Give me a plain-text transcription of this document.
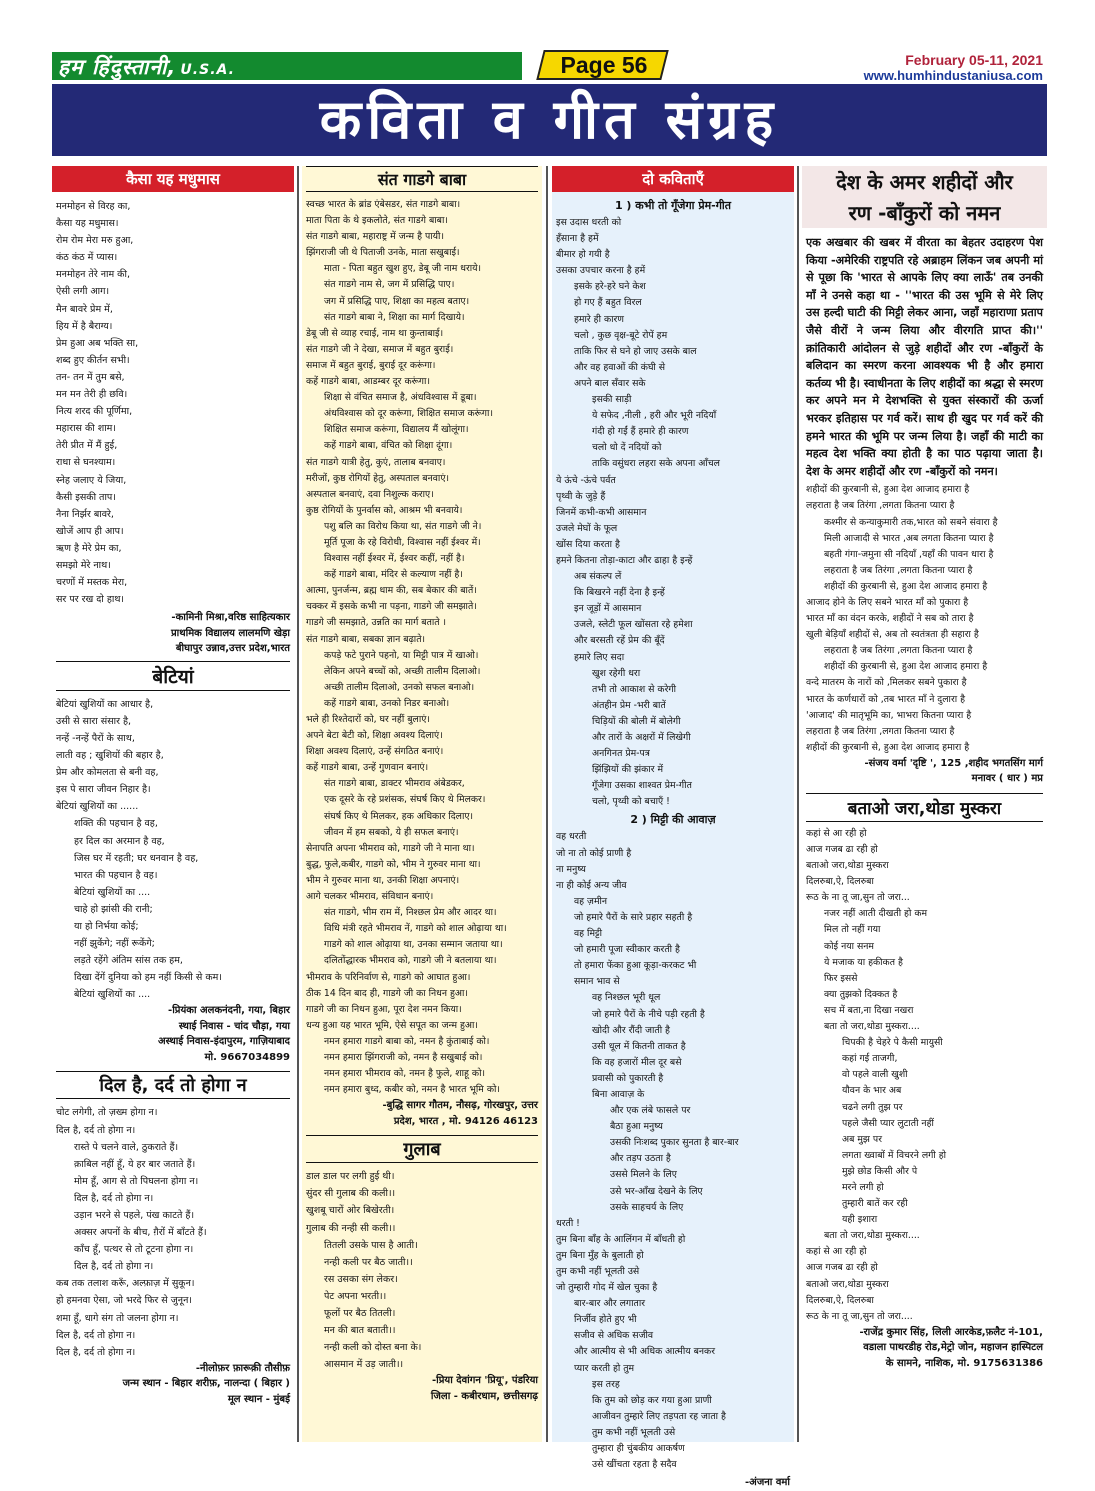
हम हिंदुस्तानी, U.S.A.	Page 56	February 05-11, 2021
www.humhindustaniusa.com
कविता व गीत संग्रह
कैसा यह मधुमास
मनमोहन से विरह का,
कैसा यह मधुमास।
रोम रोम मेरा मरु हुआ,
कंठ कंठ में प्यास।
मनमोहन तेरे नाम की,
ऐसी लगी आग।
मैन बावरे प्रेम में,
हिय में है बैराग्य।
प्रेम हुआ अब भक्ति सा,
शब्द हुए कीर्तन सभी।
तन- तन में तुम बसे,
मन मन तेरी ही छवि।
नित्य शरद की पूर्णिमा,
महारास की शाम।
तेरी प्रीत में मैं हुई,
राधा से घनश्याम।
स्नेह जलाए ये जिया,
कैसी इसकी ताप।
नैना निर्झर बावरे,
खोजें आप ही आप।
ऋण है मेरे प्रेम का,
समझो मेरे नाथ।
चरणों में मस्तक मेरा,
सर पर रख दो हाथ।
-कामिनी मिश्रा,वरिष्ठ साहित्यकार
प्राथमिक विद्यालय लालमणि खेड़ा
बीघापुर उन्नाव,उत्तर प्रदेश,भारत
बेटियां
बेटियां खुशियों का आधार है,
उसी से सारा संसार है,
नन्हें -नन्हें पैरों के साथ,
लाती वह ; खुशियों की बहार है,
प्रेम और कोमलता से बनी वह,
इस पे सारा जीवन निहार है।
बेटियां खुशियों का ......
शक्ति की पहचान है वह,
हर दिल का अरमान है वह,
जिस घर में रहती; घर धनवान है वह,
भारत की पहचान है वह।
बेटियां खुशियों का ....
चाहे हो झांसी की रानी;
या हो निर्भया कोई;
नहीं झुकेंगे; नहीं रूकेंगे;
लड़ते रहेंगे अंतिम सांस तक हम,
दिखा देंगें दुनिया को हम नहीं किसी से कम।
बेटियां खुशियों का ....
-प्रियंका अलकनंदनी, गया, बिहार
स्थाई निवास - चांद चौड़ा, गया
अस्थाई निवास-इंदापुरम, गाज़ियाबाद
मो. 9667034899
दिल है, दर्द तो होगा न
चोट लगेगी, तो ज़ख्म होगा न।
दिल है, दर्द तो होगा न।
रास्ते पे चलने वाले, ठुकराते हैं।
क़ाबिल नहीं हूँ, ये हर बार जताते हैं।
मोम हूँ, आग से तो पिघलना होगा न।
दिल है, दर्द तो होगा न।
उड़ान भरने से पहले, पंख काटते हैं।
अक्सर अपनों के बीच, ग़ैरों में बाँटते हैं।
काँच हूँ, पत्थर से तो टूटना होगा न।
दिल है, दर्द तो होगा न।
कब तक तलाश करूँ, अल्फ़ाज़ में सुकून।
हो हमनवा ऐसा, जो भरदे फिर से जुनून।
शमा हूँ, धागे संग तो जलना होगा न।
दिल है, दर्द तो होगा न।
दिल है, दर्द तो होगा न।
-नीलोफ़र फ़ारूक़ी तौसीफ़
जन्म स्थान - बिहार शरीफ़, नालन्दा ( बिहार )
मूल स्थान - मुंबई
संत गाडगे बाबा
स्वच्छ भारत के ब्रांड एंबेसडर, संत गाडगे बाबा।
माता पिता के थे इकलोते, संत गाडगे बाबा।
संत गाडगे बाबा, महाराष्ट्र में जन्म है पायी।
झिंगराजी जी थे पिताजी उनके, माता सखुबाई।
माता - पिता बहुत खुश हुए, डेबू जी नाम धराये।
संत गाडगे नाम से, जग में प्रसिद्धि पाए।
जग में प्रसिद्धि पाए, शिक्षा का महत्व बताए।
संत गाडगे बाबा ने, शिक्षा का मार्ग दिखाये।
डेबू जी से व्याह रचाई, नाम था कुन्ताबाई।
संत गाडगे जी ने देखा, समाज में बहुत बुराई।
समाज में बहुत बुराई, बुराई दूर करूंगा।
कहें गाडगे बाबा, आडम्बर दूर करूंगा।
शिक्षा से वंचित समाज है, अंधविश्वास में डूबा।
अंधविश्वास को दूर करूंगा, शिक्षित समाज करूंगा।
शिक्षित समाज करूंगा, विद्यालय मैं खोलूंगा।
कहें गाडगे बाबा, वंचित को शिक्षा दूंगा।
संत गाडगे यात्री हेतु, कुएं, तालाब बनवाए।
मरीजों, कुष्ठ रोगियों हेतु, अस्पताल बनवाएं।
अस्पताल बनवाएं, दवा निशुल्क कराए।
कुष्ठ रोगियों के पुनर्वास को, आश्रम भी बनवाये।
पशु बलि का विरोध किया था, संत गाडगे जी ने।
मूर्ति पूजा के रहे विरोधी, विश्वास नहीं ईश्वर में।
विश्वास नहीं ईश्वर में, ईश्वर कहीं, नहीं है।
कहें गाडगे बाबा, मंदिर से कल्याण नहीं है।
आत्मा, पुनर्जन्म, ब्रह्म धाम की, सब बेकार की बातें।
चक्कर में इसके कभी ना पड़ना, गाडगे जी समझाते।
गाडगे जी समझाते, उन्नति का मार्ग बताते ।
संत गाडगे बाबा, सबका ज्ञान बढ़ाते।
कपड़े फटे पुराने पहनो, या मिट्टी पात्र में खाओ।
लेकिन अपने बच्चों को, अच्छी तालीम दिलाओ।
अच्छी तालीम दिलाओ, उनको सफल बनाओ।
कहें गाडगे बाबा, उनको निडर बनाओ।
भले ही रिश्तेदारों को, घर नहीं बुलाएं।
अपने बेटा बेटी को, शिक्षा अवश्य दिलाएं।
शिक्षा अवश्य दिलाएं, उन्हें संगठित बनाएं।
कहें गाडगे बाबा, उन्हें गुणवान बनाएं।
संत गाडगे बाबा, डाक्टर भीमराव अंबेडकर,
एक दूसरे के रहे प्रशंसक, संघर्ष किए थे मिलकर।
संघर्ष किए थे मिलकर, हक अधिकार दिलाए।
जीवन में हम सबको, ये ही सफल बनाएं।
सेनापति अपना भीमराव को, गाडगे जी ने माना था।
बुद्ध, फुले,कबीर, गाडगे को, भीम ने गुरुवर माना था।
भीम ने गुरुवर माना था, उनकी शिक्षा अपनाएं।
आगे चलकर भीमराव, संविधान बनाएं।
संत गाडगे, भीम राम में, निश्छल प्रेम और आदर था।
विधि मंत्री रहते भीमराव नें, गाडगे को शाल ओढ़ाया था।
गाडगे को शाल ओढ़ाया था, उनका सम्मान जताया था।
दलितोंद्धारक भीमराव को, गाडगे जी ने बतलाया था।
भीमराव के परिनिर्वाण से, गाडगे को आघात हुआ।
ठीक 14 दिन बाद ही, गाडगे जी का निधन हुआ।
गाडगे जी का निधन हुआ, पूरा देश नमन किया।
धन्य हुआ यह भारत भूमि, ऐसे सपूत का जन्म हुआ।
नमन हमारा गाडगे बाबा को, नमन है कुंताबाई को।
नमन हमारा झिंगराजी को, नमन है सखुबाई को।
नमन हमारा भीमराव को, नमन है फुले, शाहू को।
नमन हमारा बुध्द, कबीर को, नमन है भारत भूमि को।
-बुद्धि सागर गौतम, नौसढ़, गोरखपुर, उत्तर
प्रदेश, भारत , मो. 94126 46123
गुलाब
डाल डाल पर लगी हुई थी।
सुंदर सी गुलाब की कली।।
खुशबू चारों ओर बिखेरती।
गुलाब की नन्ही सी कली।।
तितली उसके पास है आती।
नन्ही कली पर बैठ जाती।।
रस उसका संग लेकर।
पेट अपना भरती।।
फूलों पर बैठ तितली।
मन की बात बताती।।
नन्ही कली को दोस्त बना के।
आसमान में उड़ जाती।।
-प्रिया देवांगन 'प्रियू', पंडरिया
जिला - कबीरधाम, छत्तीसगढ़
दो कविताएँ
1 ) कभी तो गूँजेगा प्रेम-गीत
इस उदास धरती को
हँसाना है हमें
बीमार हो गयी है
उसका उपचार करना है हमें
इसके हरे-हरे घने केश
हो गए हैं बहुत विरल
हमारे ही कारण
चलो , कुछ वृक्ष-बूटे रोपें हम
ताकि फिर से घने हो जाए उसके बाल
और वह हवाओं की कंघी से
अपने बाल सँवार सके
इसकी साड़ी
ये सफेद ,नीली , हरी और भूरी नदियाँ
गंदी हो गईं हैं हमारे ही कारण
चलो धो दें नदियों को
ताकि वसुंधरा लहरा सके अपना आँचल
ये ऊंचे -ऊंचे पर्वत
पृथ्वी के जुड़े हैं
जिनमें कभी-कभी आसमान
उजले मेघों के फूल
खोंस दिया करता है
हमने कितना तोड़ा-काटा और ढाहा है इन्हें
अब संकल्प लें
कि बिखरने नहीं देना है इन्हें
इन जूड़ों में आसमान
उजले, स्लेटी फूल खोंसता रहे हमेशा
और बरसती रहें प्रेम की बूँदें
हमारे लिए सदा
खुश रहेगी धरा
तभी तो आकाश से करेगी
अंतहीन प्रेम -भरी बातें
चिड़ियों की बोली में बोलेगी
और तारों के अक्षरों में लिखेगी
अनगिनत प्रेम-पत्र
झिंझियों की झंकार में
गूँजेगा उसका शाश्वत प्रेम-गीत
चलो, पृथ्वी को बचाएँ !
2 ) मिट्टी की आवाज़
वह धरती
जो ना तो कोई प्राणी है
ना मनुष्य
ना ही कोई अन्य जीव
वह ज़मीन
जो हमारे पैरों के सारे प्रहार सहती है
वह मिट्टी
जो हमारी पूजा स्वीकार करती है
तो हमारा फेंका हुआ कूड़ा-करकट भी
समान भाव से
वह निश्छल भूरी धूल
जो हमारे पैरों के नीचे पड़ी रहती है
खोदी और रौंदी जाती है
उसी धूल में कितनी ताकत है
कि वह हजारों मील दूर बसे
प्रवासी को पुकारती है
बिना आवाज़ के
और एक लंबे फासले पर
बैठा हुआ मनुष्य
उसकी निःशब्द पुकार सुनता है बार-बार
और तड़प उठता है
उससे मिलने के लिए
उसे भर-आँख देखने के लिए
उसके साहचर्य के लिए
धरती !
तुम बिना बाँह के आलिंगन में बाँधती हो
तुम बिना मुँह के बुलाती हो
तुम कभी नहीं भूलती उसे
जो तुम्हारी गोद में खेल चुका है
बार-बार और लगातार
निर्जीव होते हुए भी
सजीव से अधिक सजीव
और आत्मीय से भी अधिक आत्मीय बनकर
प्यार करती हो तुम
इस तरह
कि तुम को छोड़ कर गया हुआ प्राणी
आजीवन तुम्हारे लिए तड़पता रह जाता है
तुम कभी नहीं भूलती उसे
तुम्हारा ही चुंबकीय आकर्षण
उसे खींचता रहता है सदैव
-अंजना वर्मा
देश के अमर शहीदों और
रण -बाँकुरों को नमन
एक अखबार की खबर में वीरता का बेहतर उदाहरण पेश किया -अमेरिकी राष्ट्रपति रहे अब्राहम लिंकन जब अपनी मां से पूछा कि 'भारत से आपके लिए क्या लाऊँ' तब उनकी माँ ने उनसे कहा था - ''भारत की उस भूमि से मेरे लिए उस हल्दी घाटी की मिट्टी लेकर आना, जहाँ महाराणा प्रताप जैसे वीरों ने जन्म लिया और वीरगति प्राप्त की।'' क्रांतिकारी आंदोलन से जुड़े शहीदों और रण -बाँकुरों के बलिदान का स्मरण करना आवश्यक भी है और हमारा कर्तव्य भी है। स्वाधीनता के लिए शहीदों का श्रद्धा से स्मरण कर अपने मन मे देशभक्ति से युक्त संस्कारों की ऊर्जा भरकर इतिहास पर गर्व करें। साथ ही खुद पर गर्व करें की हमने भारत की भूमि पर जन्म लिया है। जहाँ की माटी का महत्व देश भक्ति क्या होती है का पाठ पढ़ाया जाता है। देश के अमर शहीदों और रण -बाँकुरों को नमन।
शहीदों की कुरबानी से, हुआ देश आजाद हमारा है
लहराता है जब तिरंगा ,लगता कितना प्यारा है
कश्मीर से कन्याकुमारी तक,भारत को सबने संवारा है
मिली आजादी से भारत ,अब लगता कितना प्यारा है
बहती गंगा-जमुना सी नदियाँ ,यहाँ की पावन धारा है
लहराता है जब तिरंगा ,लगता कितना प्यारा है
शहीदों की कुरबानी से, हुआ देश आजाद हमारा है
आजाद होने के लिए सबने भारत माँ को पुकारा है
भारत माँ का वंदन करके, शहीदों ने सब को तारा है
खुली बेड़ियाँ शहीदों से, अब तो स्वतंत्रता ही सहारा है
लहराता है जब तिरंगा ,लगता कितना प्यारा है
शहीदों की कुरबानी से, हुआ देश आजाद हमारा है
वन्दे मातरम के नारों को ,मिलकर सबने पुकारा है
भारत के कर्णधारों को ,तब भारत माँ ने दुलारा है
'आजाद' की मातृभूमि का, भाभरा कितना प्यारा है
लहराता है जब तिरंगा ,लगता कितना प्यारा है
शहीदों की कुरबानी से, हुआ देश आजाद हमारा है
-संजय वर्मा 'दृष्टि ', 125 ,शहीद भगतसिंग मार्ग
मनावर ( धार ) मप्र
बताओ जरा,थोडा मुस्करा
कहां से आ रही हो
आज गजब ढा रही हो
बताओ जरा,थोडा मुस्करा
दिलरुबा,ऐ, दिलरुबा
रूठ के ना तू जा,सुन तो जरा...
नजर नहीं आती दीखती हो कम
मिल तो नहीं गया
कोई नया सनम
ये मजाक या हकीकत है
फिर इससे
क्या तुझको दिक्कत है
सच में बता,ना दिखा नखरा
बता तो जरा,थोडा मुस्करा....
चिपकी है चेहरे पे कैसी मायुसी
कहां गई ताजगी,
वो पहले वाली खुशी
यौवन के भार अब
चढने लगी तुझ पर
पहले जैसी प्यार लुटाती नहीं
अब मुझ पर
लगता ख्वाबों में विचरने लगी हो
मुझे छोड किसी और पे
मरने लगी हो
तुम्हारी बातें कर रही
यही इशारा
बता तो जरा,थोडा मुस्करा....
कहां से आ रही हो
आज गजब ढा रही हो
बताओ जरा,थोडा मुस्करा
दिलरुबा,ऐ, दिलरुबा
रूठ के ना तू जा,सुन तो जरा....
-राजेंद्र कुमार सिंह, लिली आरकेड,फ़लैट नं-101,
वडाला पाथरडीह रोड,मेट्रो जोन, महाजन हास्पिटल
के सामने, नाशिक, मो. 9175631386
